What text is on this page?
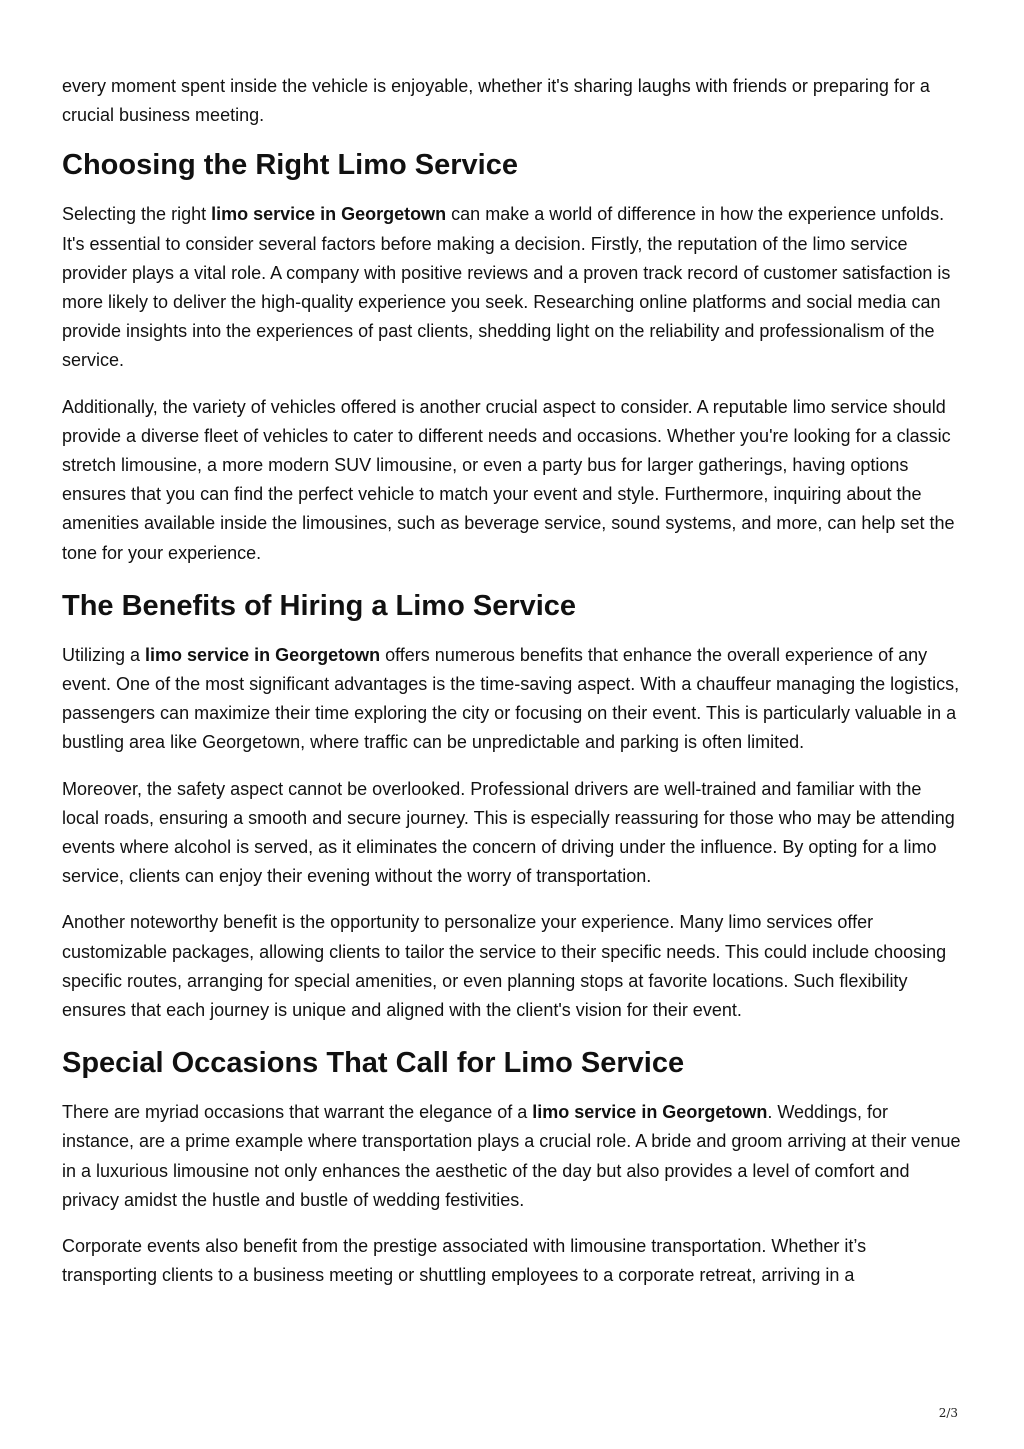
every moment spent inside the vehicle is enjoyable, whether it's sharing laughs with friends or preparing for a crucial business meeting.

Choosing the Right Limo Service

Selecting the right limo service in Georgetown can make a world of difference in how the experience unfolds. It's essential to consider several factors before making a decision. Firstly, the reputation of the limo service provider plays a vital role. A company with positive reviews and a proven track record of customer satisfaction is more likely to deliver the high-quality experience you seek. Researching online platforms and social media can provide insights into the experiences of past clients, shedding light on the reliability and professionalism of the service.

Additionally, the variety of vehicles offered is another crucial aspect to consider. A reputable limo service should provide a diverse fleet of vehicles to cater to different needs and occasions. Whether you're looking for a classic stretch limousine, a more modern SUV limousine, or even a party bus for larger gatherings, having options ensures that you can find the perfect vehicle to match your event and style. Furthermore, inquiring about the amenities available inside the limousines, such as beverage service, sound systems, and more, can help set the tone for your experience.

The Benefits of Hiring a Limo Service

Utilizing a limo service in Georgetown offers numerous benefits that enhance the overall experience of any event. One of the most significant advantages is the time-saving aspect. With a chauffeur managing the logistics, passengers can maximize their time exploring the city or focusing on their event. This is particularly valuable in a bustling area like Georgetown, where traffic can be unpredictable and parking is often limited.

Moreover, the safety aspect cannot be overlooked. Professional drivers are well-trained and familiar with the local roads, ensuring a smooth and secure journey. This is especially reassuring for those who may be attending events where alcohol is served, as it eliminates the concern of driving under the influence. By opting for a limo service, clients can enjoy their evening without the worry of transportation.

Another noteworthy benefit is the opportunity to personalize your experience. Many limo services offer customizable packages, allowing clients to tailor the service to their specific needs. This could include choosing specific routes, arranging for special amenities, or even planning stops at favorite locations. Such flexibility ensures that each journey is unique and aligned with the client's vision for their event.

Special Occasions That Call for Limo Service

There are myriad occasions that warrant the elegance of a limo service in Georgetown. Weddings, for instance, are a prime example where transportation plays a crucial role. A bride and groom arriving at their venue in a luxurious limousine not only enhances the aesthetic of the day but also provides a level of comfort and privacy amidst the hustle and bustle of wedding festivities.

Corporate events also benefit from the prestige associated with limousine transportation. Whether it’s transporting clients to a business meeting or shuttling employees to a corporate retreat, arriving in a

2/3
